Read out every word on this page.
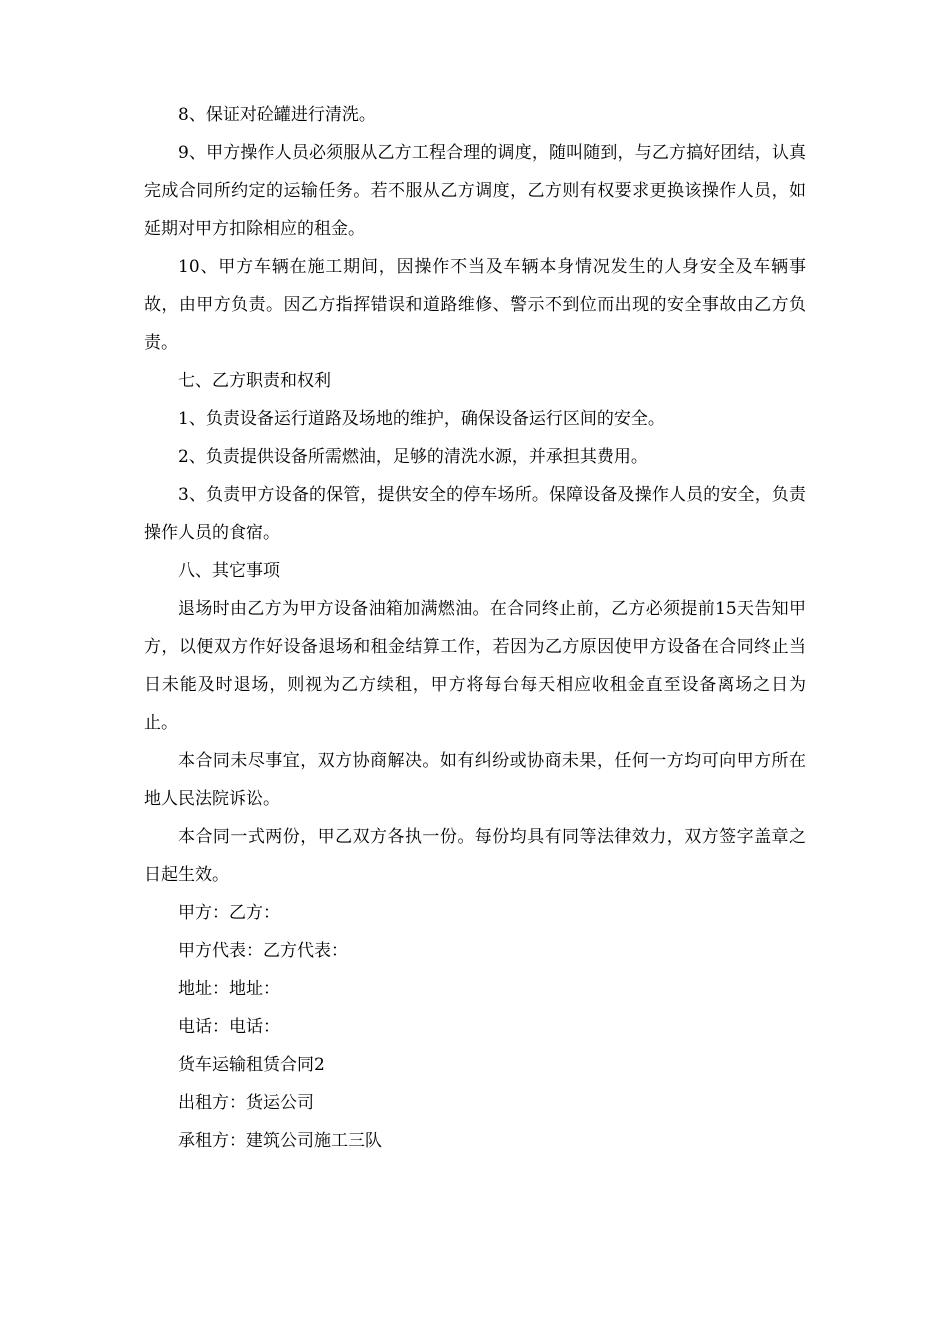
8、保证对砼罐进行清洗。

9、甲方操作人员必须服从乙方工程合理的调度，随叫随到，与乙方搞好团结，认真完成合同所约定的运输任务。若不服从乙方调度，乙方则有权要求更换该操作人员，如延期对甲方扣除相应的租金。

10、甲方车辆在施工期间，因操作不当及车辆本身情况发生的人身安全及车辆事故，由甲方负责。因乙方指挥错误和道路维修、警示不到位而出现的安全事故由乙方负责。

七、乙方职责和权利

1、负责设备运行道路及场地的维护，确保设备运行区间的安全。

2、负责提供设备所需燃油，足够的清洗水源，并承担其费用。

3、负责甲方设备的保管，提供安全的停车场所。保障设备及操作人员的安全，负责操作人员的食宿。

八、其它事项

退场时由乙方为甲方设备油箱加满燃油。在合同终止前，乙方必须提前15天告知甲方，以便双方作好设备退场和租金结算工作，若因为乙方原因使甲方设备在合同终止当日未能及时退场，则视为乙方续租，甲方将每台每天相应收租金直至设备离场之日为止。

本合同未尽事宜，双方协商解决。如有纠纷或协商未果，任何一方均可向甲方所在地人民法院诉讼。

本合同一式两份，甲乙双方各执一份。每份均具有同等法律效力，双方签字盖章之日起生效。

甲方：乙方：

甲方代表：乙方代表：

地址：地址：

电话：电话：

货车运输租赁合同2

出租方：货运公司

承租方：建筑公司施工三队
